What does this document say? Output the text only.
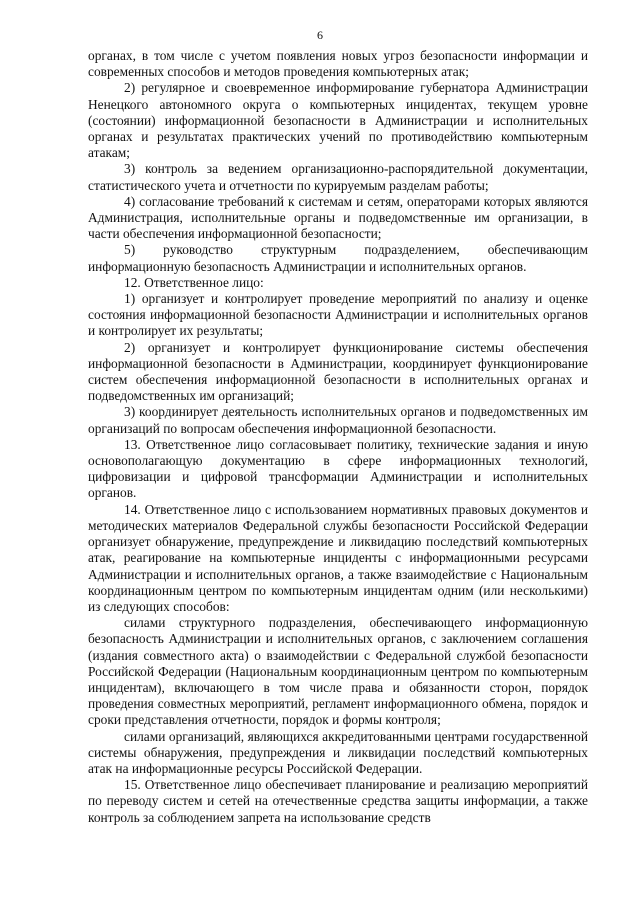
6

органах, в том числе с учетом появления новых угроз безопасности информации и современных способов и методов проведения компьютерных атак;

2) регулярное и своевременное информирование губернатора Администрации Ненецкого автономного округа о компьютерных инцидентах, текущем уровне (состоянии) информационной безопасности в Администрации и исполнительных органах и результатах практических учений по противодействию компьютерным атакам;

3) контроль за ведением организационно-распорядительной документации, статистического учета и отчетности по курируемым разделам работы;

4) согласование требований к системам и сетям, операторами которых являются Администрация, исполнительные органы и подведомственные им организации, в части обеспечения информационной безопасности;

5) руководство структурным подразделением, обеспечивающим информационную безопасность Администрации и исполнительных органов.

12. Ответственное лицо:

1) организует и контролирует проведение мероприятий по анализу и оценке состояния информационной безопасности Администрации и исполнительных органов и контролирует их результаты;

2) организует и контролирует функционирование системы обеспечения информационной безопасности в Администрации, координирует функционирование систем обеспечения информационной безопасности в исполнительных органах и подведомственных им организаций;

3) координирует деятельность исполнительных органов и подведомственных им организаций по вопросам обеспечения информационной безопасности.

13. Ответственное лицо согласовывает политику, технические задания и иную основополагающую документацию в сфере информационных технологий, цифровизации и цифровой трансформации Администрации и исполнительных органов.

14. Ответственное лицо с использованием нормативных правовых документов и методических материалов Федеральной службы безопасности Российской Федерации организует обнаружение, предупреждение и ликвидацию последствий компьютерных атак, реагирование на компьютерные инциденты с информационными ресурсами Администрации и исполнительных органов, а также взаимодействие с Национальным координационным центром по компьютерным инцидентам одним (или несколькими) из следующих способов:

силами структурного подразделения, обеспечивающего информационную безопасность Администрации и исполнительных органов, с заключением соглашения (издания совместного акта) о взаимодействии с Федеральной службой безопасности Российской Федерации (Национальным координационным центром по компьютерным инцидентам), включающего в том числе права и обязанности сторон, порядок проведения совместных мероприятий, регламент информационного обмена, порядок и сроки представления отчетности, порядок и формы контроля;

силами организаций, являющихся аккредитованными центрами государственной системы обнаружения, предупреждения и ликвидации последствий компьютерных атак на информационные ресурсы Российской Федерации.

15. Ответственное лицо обеспечивает планирование и реализацию мероприятий по переводу систем и сетей на отечественные средства защиты информации, а также контроль за соблюдением запрета на использование средств
